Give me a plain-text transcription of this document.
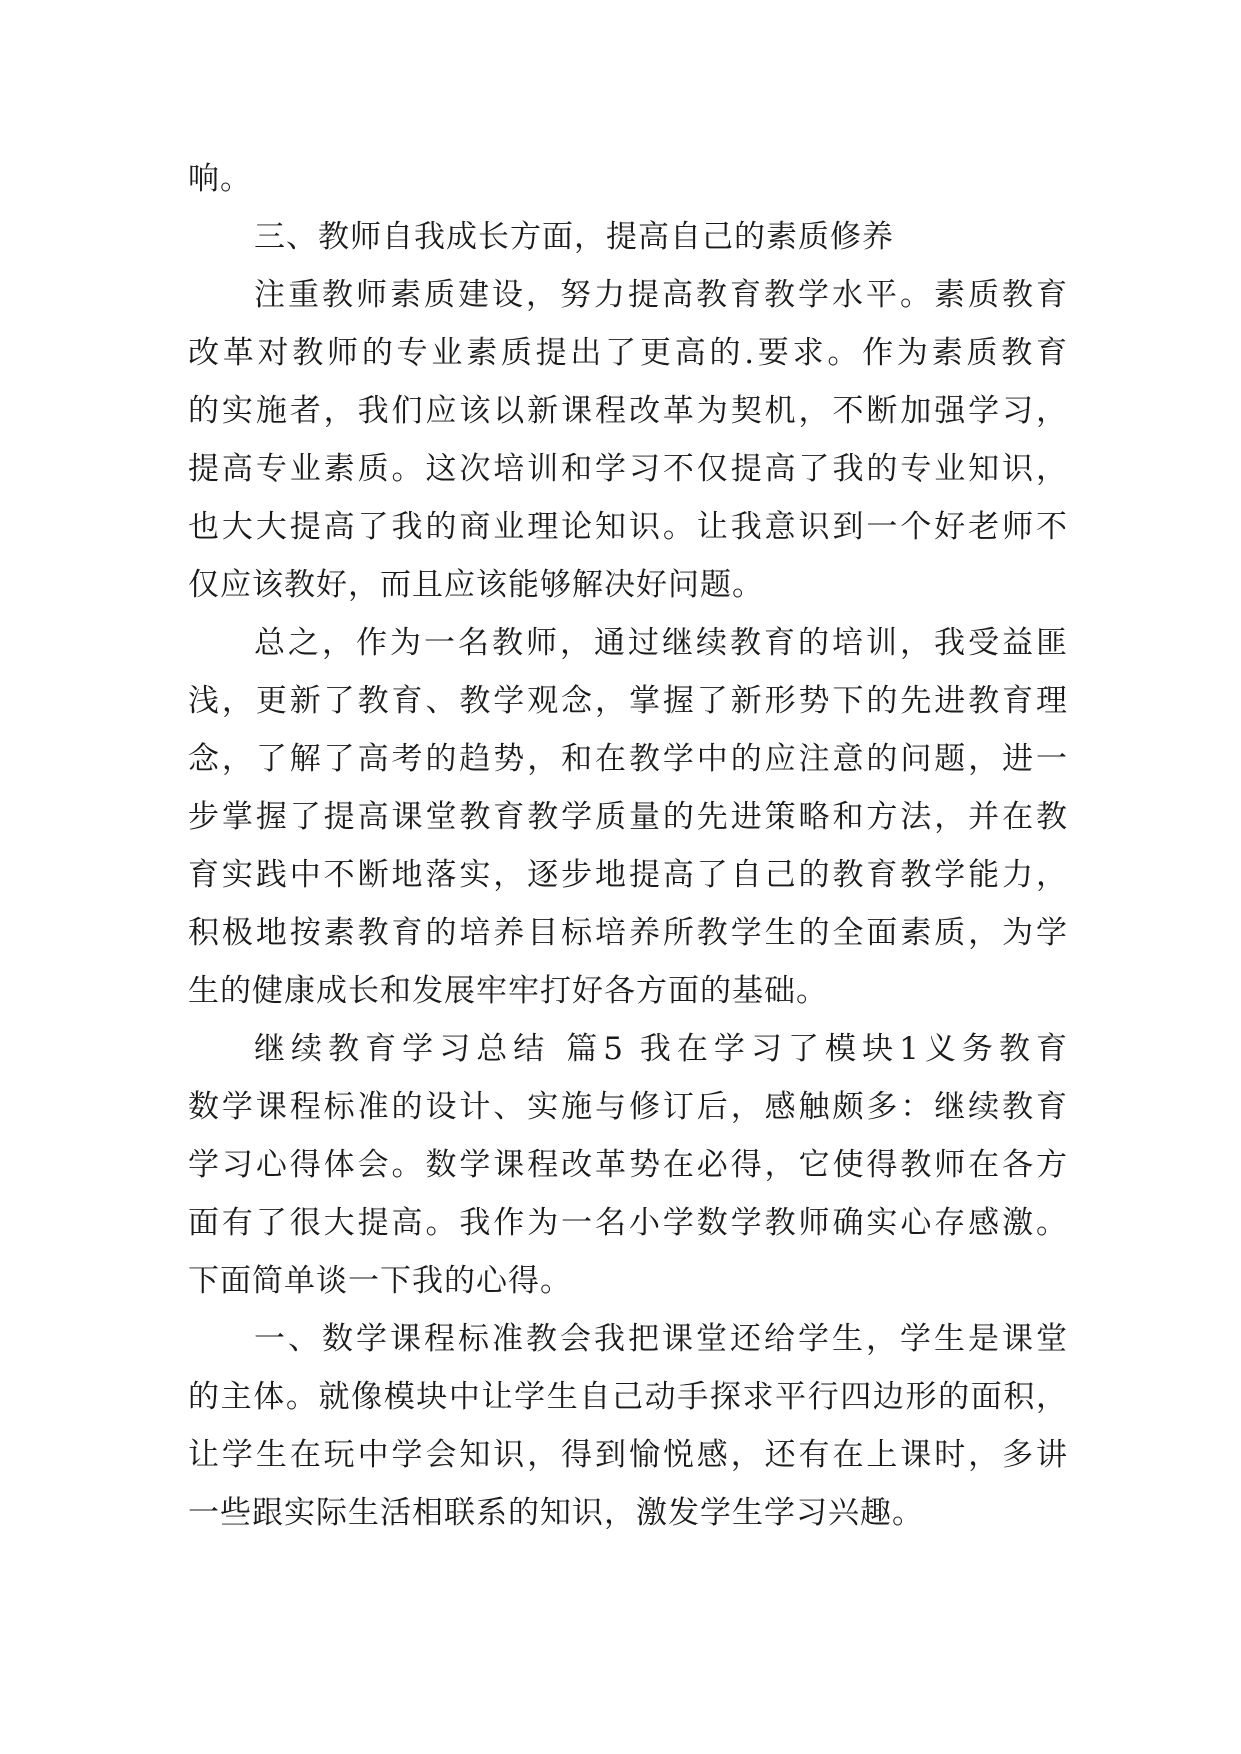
响。
三、教师自我成长方面，提高自己的素质修养
注重教师素质建设，努力提高教育教学水平。素质教育
改革对教师的专业素质提出了更高的.要求。作为素质教育
的实施者，我们应该以新课程改革为契机，不断加强学习，
提高专业素质。这次培训和学习不仅提高了我的专业知识，
也大大提高了我的商业理论知识。让我意识到一个好老师不
仅应该教好，而且应该能够解决好问题。
总之，作为一名教师，通过继续教育的培训，我受益匪
浅，更新了教育、教学观念，掌握了新形势下的先进教育理
念，了解了高考的趋势，和在教学中的应注意的问题，进一
步掌握了提高课堂教育教学质量的先进策略和方法，并在教
育实践中不断地落实，逐步地提高了自己的教育教学能力，
积极地按素教育的培养目标培养所教学生的全面素质，为学
生的健康成长和发展牢牢打好各方面的基础。
继续教育学习总结 篇5 我在学习了模块1义务教育
数学课程标准的设计、实施与修订后，感触颇多：继续教育
学习心得体会。数学课程改革势在必得，它使得教师在各方
面有了很大提高。我作为一名小学数学教师确实心存感激。
下面简单谈一下我的心得。
一、数学课程标准教会我把课堂还给学生，学生是课堂
的主体。就像模块中让学生自己动手探求平行四边形的面积，
让学生在玩中学会知识，得到愉悦感，还有在上课时，多讲
一些跟实际生活相联系的知识，激发学生学习兴趣。
